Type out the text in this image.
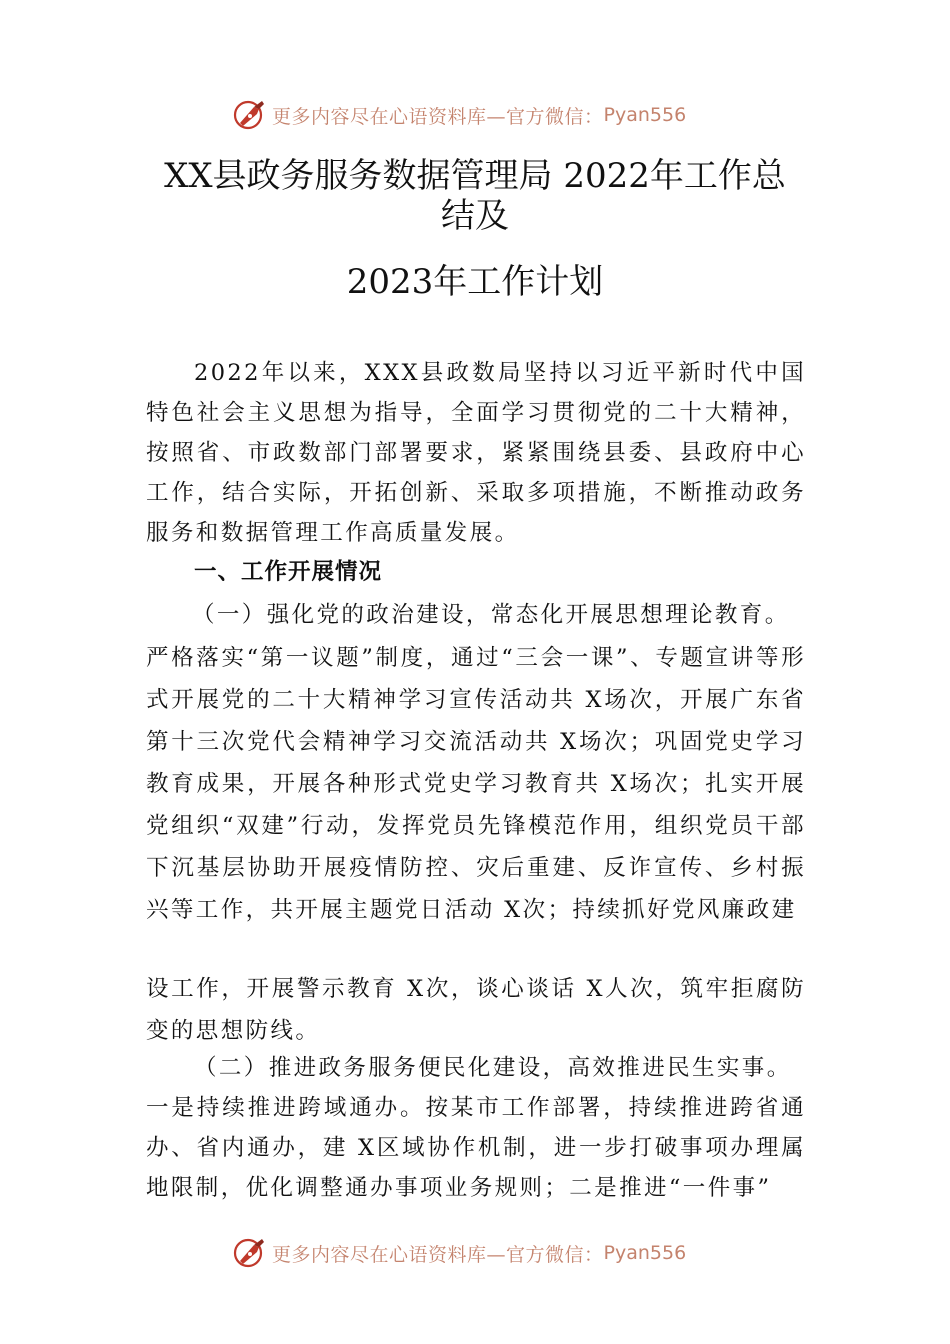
更多内容尽在心语资料库—官方微信： Pyan556
XX县政务服务数据管理局 2022年工作总
结及
2023年工作计划
2022年以来，XXX县政数局坚持以习近平新时代中国特色社会主义思想为指导，全面学习贯彻党的二十大精神，按照省、市政数部门部署要求，紧紧围绕县委、县政府中心工作，结合实际，开拓创新、采取多项措施，不断推动政务服务和数据管理工作高质量发展。
一、工作开展情况
（一）强化党的政治建设，常态化开展思想理论教育。
严格落实“第一议题”制度，通过“三会一课”、专题宣讲等形式开展党的二十大精神学习宣传活动共 X场次，开展广东省第十三次党代会精神学习交流活动共 X场次；巩固党史学习教育成果，开展各种形式党史学习教育共 X场次；扎实开展党组织“双建”行动，发挥党员先锋模范作用，组织党员干部下沉基层协助开展疫情防控、灾后重建、反诈宣传、乡村振兴等工作，共开展主题党日活动 X次；持续抓好党风廉政建
设工作，开展警示教育 X次，谈心谈话 X人次，筑牢拒腐防变的思想防线。
（二）推进政务服务便民化建设，高效推进民生实事。
一是持续推进跨域通办。按某市工作部署，持续推进跨省通办、省内通办，建 X区域协作机制，进一步打破事项办理属地限制，优化调整通办事项业务规则；二是推进“一件事”
更多内容尽在心语资料库—官方微信： Pyan556
